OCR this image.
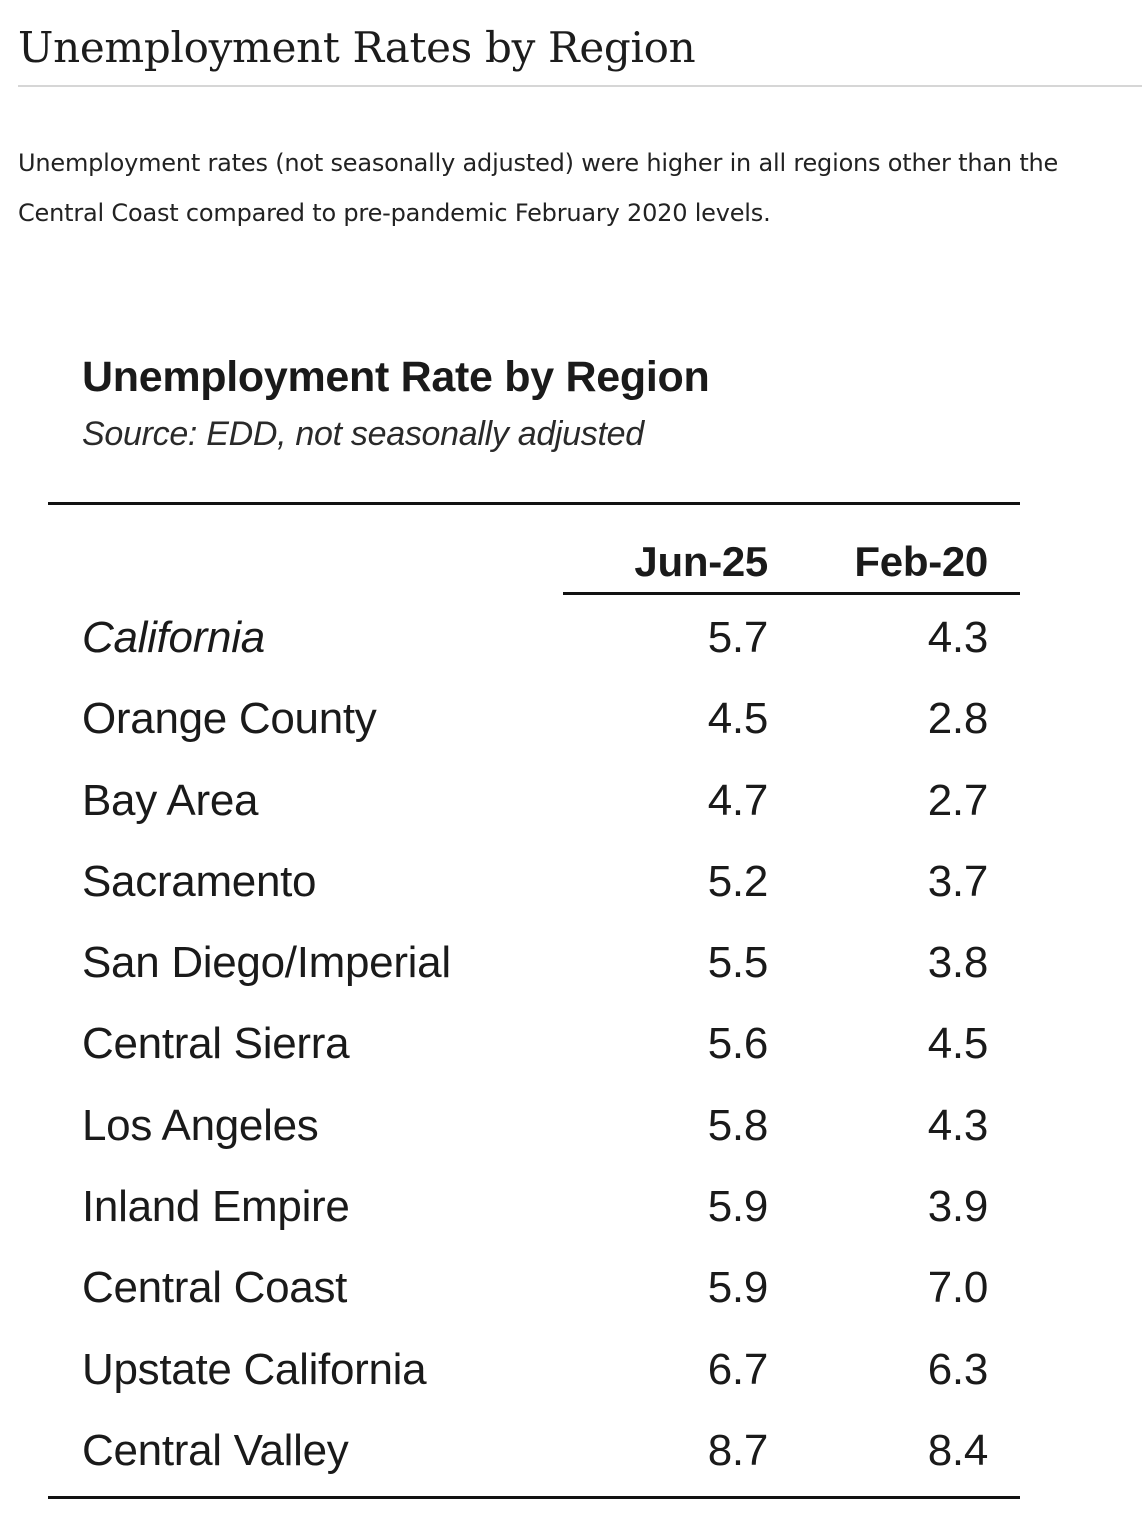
Unemployment Rates by Region

Unemployment rates (not seasonally adjusted) were higher in all regions other than the Central Coast compared to pre-pandemic February 2020 levels.

Unemployment Rate by Region
Source: EDD, not seasonally adjusted
Jun-25	Feb-20
California	5.7	4.3
Orange County	4.5	2.8
Bay Area	4.7	2.7
Sacramento	5.2	3.7
San Diego/Imperial	5.5	3.8
Central Sierra	5.6	4.5
Los Angeles	5.8	4.3
Inland Empire	5.9	3.9
Central Coast	5.9	7.0
Upstate California	6.7	6.3
Central Valley	8.7	8.4
